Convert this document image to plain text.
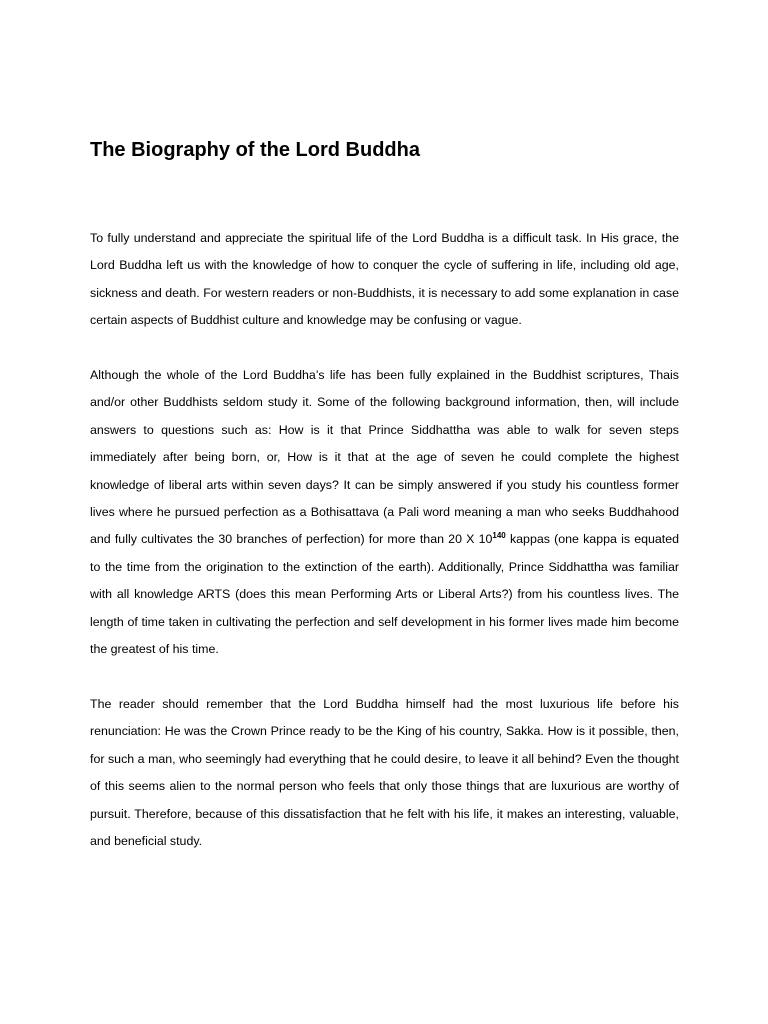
The Biography of the Lord Buddha

To fully understand and appreciate the spiritual life of the Lord Buddha is a difficult task. In His grace, the Lord Buddha left us with the knowledge of how to conquer the cycle of suffering in life, including old age, sickness and death. For western readers or non-Buddhists, it is necessary to add some explanation in case certain aspects of Buddhist culture and knowledge may be confusing or vague.

Although the whole of the Lord Buddha’s life has been fully explained in the Buddhist scriptures, Thais and/or other Buddhists seldom study it. Some of the following background information, then, will include answers to questions such as: How is it that Prince Siddhattha was able to walk for seven steps immediately after being born, or, How is it that at the age of seven he could complete the highest knowledge of liberal arts within seven days? It can be simply answered if you study his countless former lives where he pursued perfection as a Bothisattava (a Pali word meaning a man who seeks Buddhahood and fully cultivates the 30 branches of perfection) for more than 20 X $10^{140}$ kappas (one kappa is equated to the time from the origination to the extinction of the earth). Additionally, Prince Siddhattha was familiar with all knowledge ARTS (does this mean Performing Arts or Liberal Arts?) from his countless lives. The length of time taken in cultivating the perfection and self development in his former lives made him become the greatest of his time.

The reader should remember that the Lord Buddha himself had the most luxurious life before his renunciation: He was the Crown Prince ready to be the King of his country, Sakka. How is it possible, then, for such a man, who seemingly had everything that he could desire, to leave it all behind? Even the thought of this seems alien to the normal person who feels that only those things that are luxurious are worthy of pursuit. Therefore, because of this dissatisfaction that he felt with his life, it makes an interesting, valuable, and beneficial study.
